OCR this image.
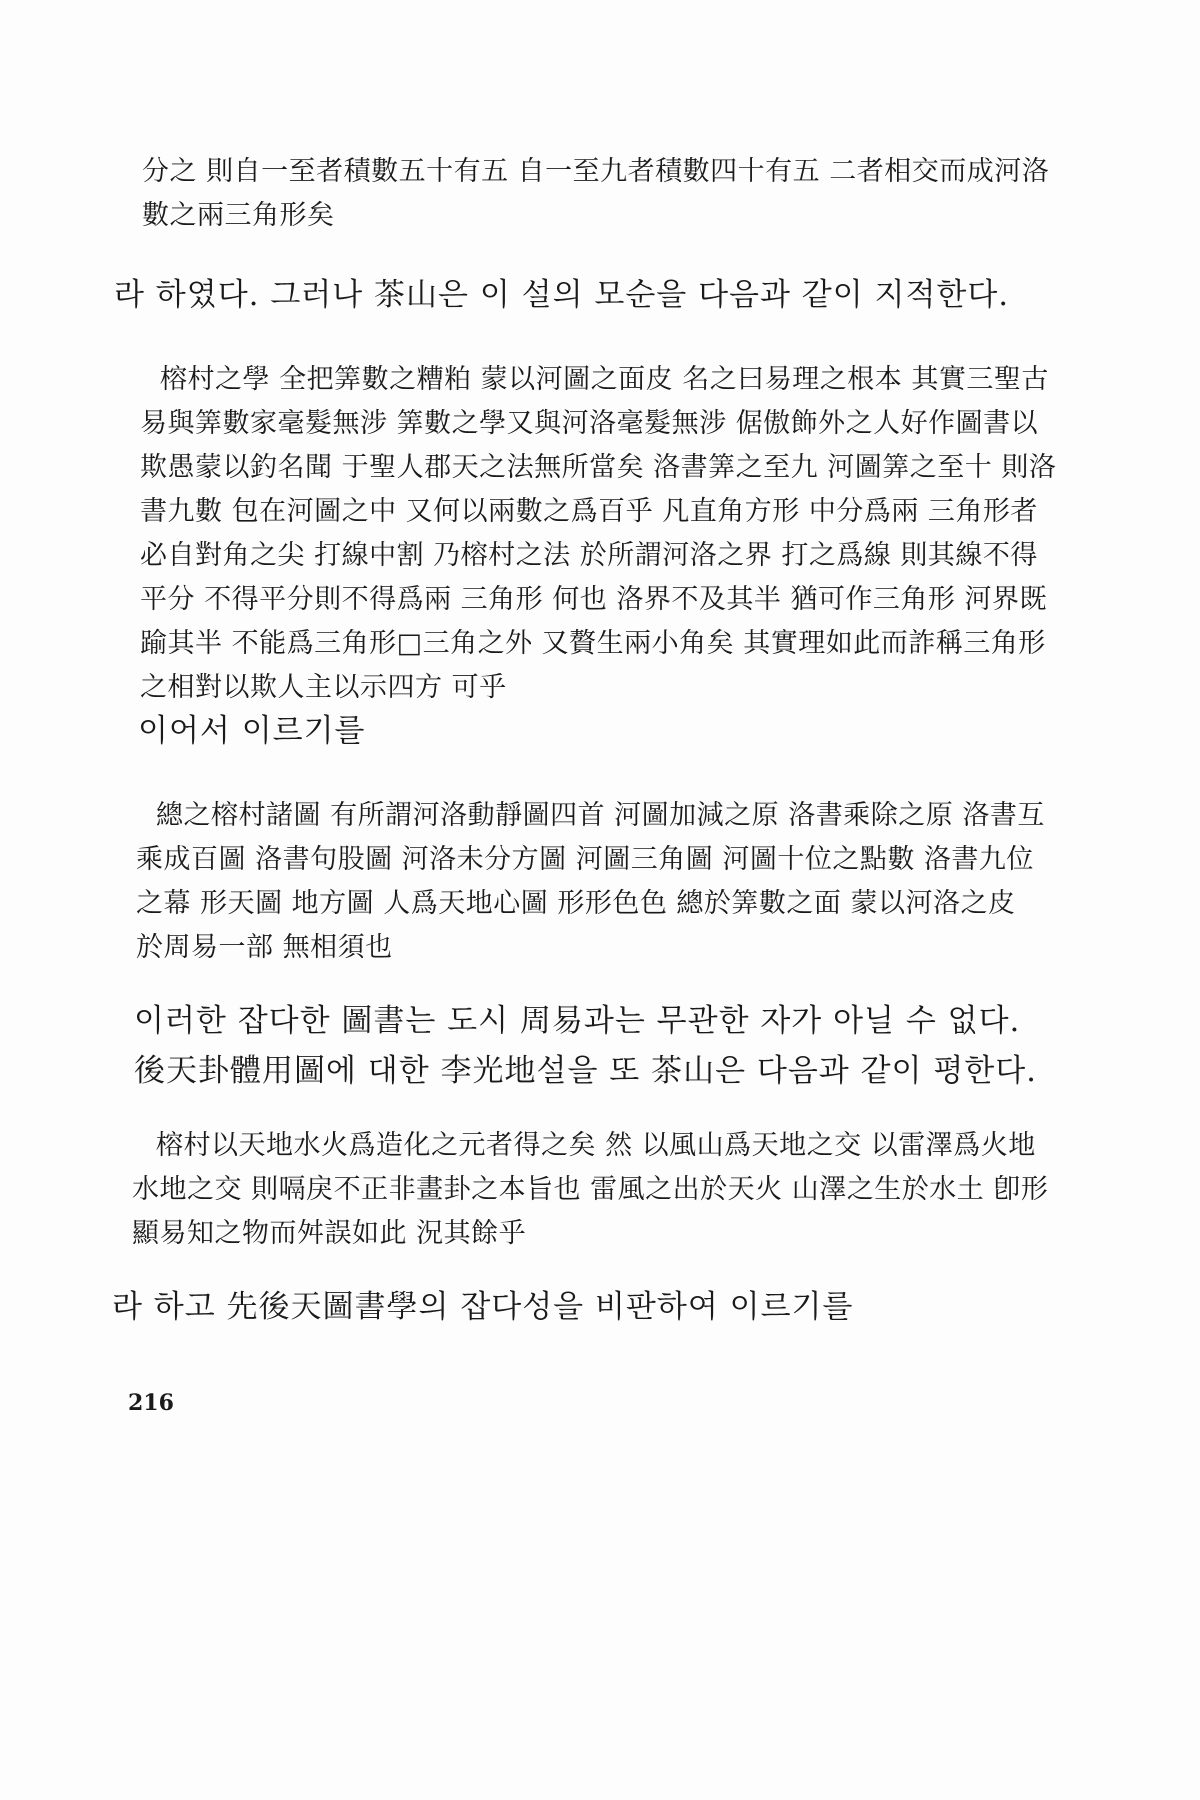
分之 則自一至者積數五十有五 自一至九者積數四十有五 二者相交而成河洛
數之兩三角形矣
라 하였다. 그러나 茶山은 이 설의 모순을 다음과 같이 지적한다.
榕村之學 全把筭數之糟粕 蒙以河圖之面皮 名之曰易理之根本 其實三聖古
易與筭數家毫髮無涉 筭數之學又與河洛毫髮無涉 倨傲飾外之人好作圖書以
欺愚蒙以釣名聞 于聖人郡天之法無所當矣 洛書筭之至九 河圖筭之至十 則洛
書九數 包在河圖之中 又何以兩數之爲百乎 凡直角方形 中分爲兩 三角形者
必自對角之尖 打線中割 乃榕村之法 於所謂河洛之界 打之爲線 則其線不得
平分 不得平分則不得爲兩 三角形 何也 洛界不及其半 猶可作三角形 河界既
踰其半 不能爲三角形□三角之外 又贅生兩小角矣 其實理如此而詐稱三角形
之相對以欺人主以示四方 可乎
이어서 이르기를
總之榕村諸圖 有所謂河洛動靜圖四首 河圖加減之原 洛書乘除之原 洛書互
乘成百圖 洛書句股圖 河洛未分方圖 河圖三角圖 河圖十位之點數 洛書九位
之幕 形天圖 地方圖 人爲天地心圖 形形色色 總於筭數之面 蒙以河洛之皮
於周易一部 無相須也
이러한 잡다한 圖書는 도시 周易과는 무관한 자가 아닐 수 없다.
後天卦體用圖에 대한 李光地설을 또 茶山은 다음과 같이 평한다.
榕村以天地水火爲造化之元者得之矣 然 以風山爲天地之交 以雷澤爲火地
水地之交 則嗝戾不正非畫卦之本旨也 雷風之出於天火 山澤之生於水土 卽形
顯易知之物而舛誤如此 況其餘乎
라 하고 先後天圖書學의 잡다성을 비판하여 이르기를
216
